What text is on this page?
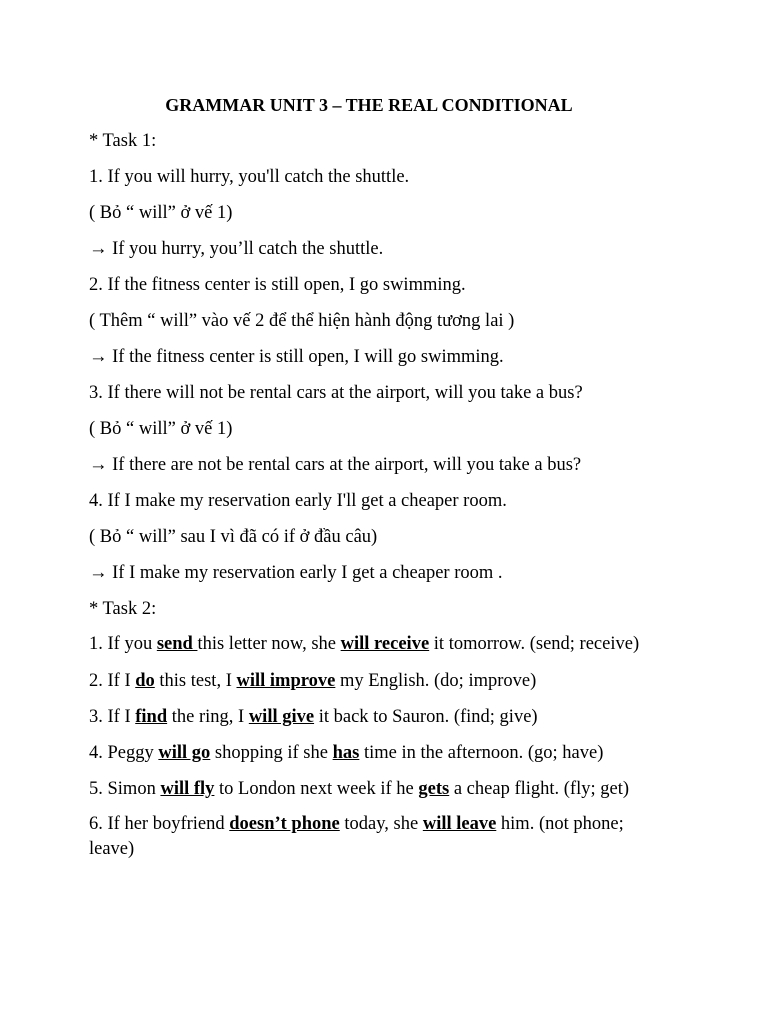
GRAMMAR UNIT 3 – THE REAL CONDITIONAL
* Task 1:
1. If you will hurry, you'll catch the shuttle.
( Bỏ “ will” ở vế 1)
→ If you hurry, you’ll catch the shuttle.
2. If the fitness center is still open, I go swimming.
( Thêm “ will” vào vế 2 để thể hiện hành động tương lai )
→ If the fitness center is still open, I will go swimming.
3. If there will not be rental cars at the airport, will you take a bus?
( Bỏ “ will” ở vế 1)
→ If there are not be rental cars at the airport, will you take a bus?
4. If I make my reservation early I'll get a cheaper room.
( Bỏ “ will” sau I vì đã có if ở đầu câu)
→ If I make my reservation early I get a cheaper room .
* Task 2:
1. If you send this letter now, she will receive it tomorrow. (send; receive)
2. If I do this test, I will improve my English. (do; improve)
3. If I find the ring, I will give it back to Sauron. (find; give)
4. Peggy will go shopping if she has time in the afternoon. (go; have)
5. Simon will fly to London next week if he gets a cheap flight. (fly; get)
6. If her boyfriend doesn’t phone today, she will leave him. (not phone; leave)
